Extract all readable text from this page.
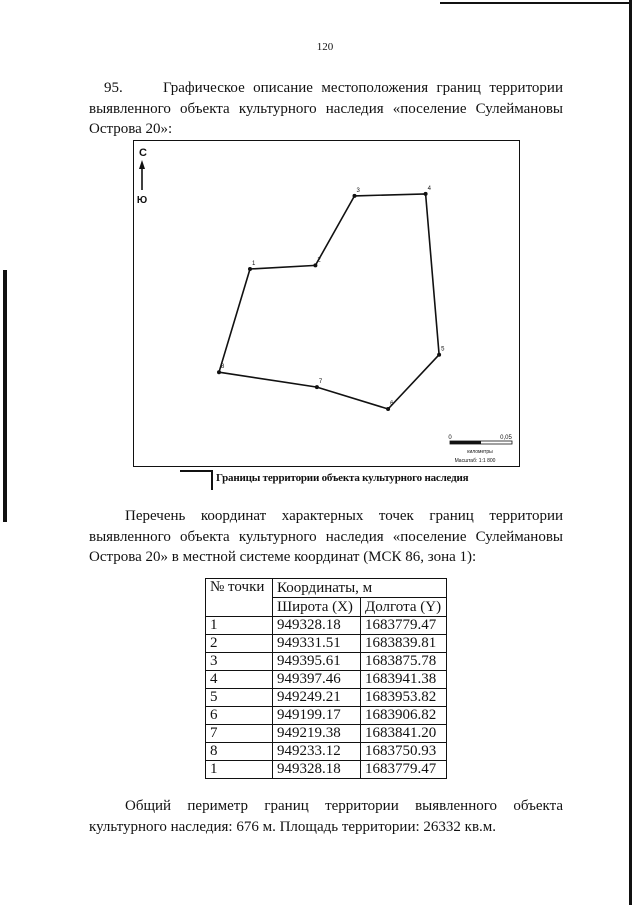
120

95.	Графическое описание местоположения границ территории выявленного объекта культурного наследия «поселение Сулеймановы Острова 20»:

С
Ю
1
2
3	4
5
6
7
8
0	0,05
километры
Масштаб: 1:1 800
Границы территории объекта культурного наследия

Перечень координат характерных точек границ территории выявленного объекта культурного наследия «поселение Сулеймановы Острова 20» в местной системе координат (МСК 86, зона 1):

№ точки	Координаты, м	
	Широта (X)	Долгота (Y)
1	949328.18	1683779.47
2	949331.51	1683839.81
3	949395.61	1683875.78
4	949397.46	1683941.38
5	949249.21	1683953.82
6	949199.17	1683906.82
7	949219.38	1683841.20
8	949233.12	1683750.93
1	949328.18	1683779.47

Общий периметр границ территории выявленного объекта культурного наследия: 676 м. Площадь территории: 26332 кв.м.
